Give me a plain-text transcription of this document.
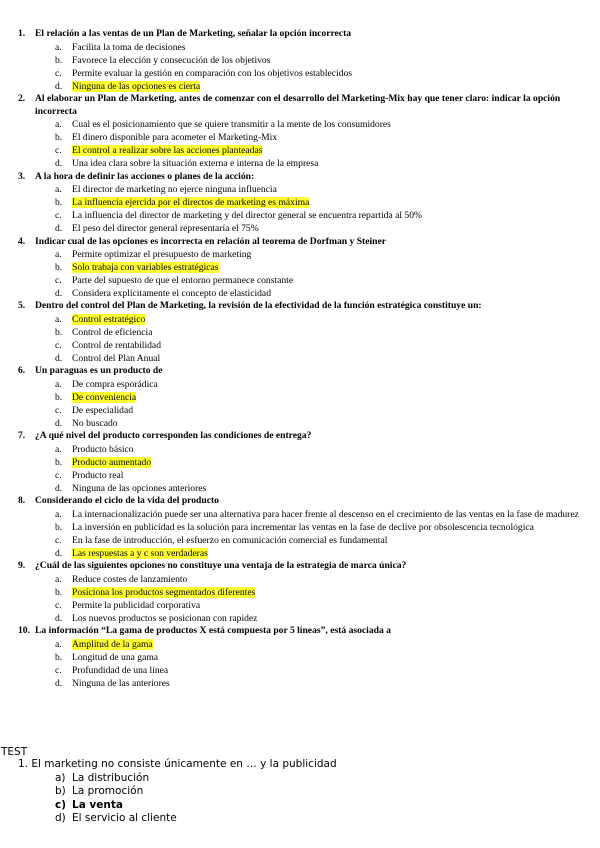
1. El relación a las ventas de un Plan de Marketing, señalar la opción incorrecta

a. Facilita la toma de decisiones

b. Favorece la elección y consecución de los objetivos

c. Permite evaluar la gestión en comparación con los objetivos establecidos

d. Ninguna de las opciones es cierta

2. Al elaborar un Plan de Marketing, antes de comenzar con el desarrollo del Marketing-Mix hay que tener claro: indicar la opción incorrecta

a. Cual es el posicionamiento que se quiere transmitir a la mente de los consumidores

b. El dinero disponible para acometer el Marketing-Mix

c. El control a realizar sobre las acciones planteadas

d. Una idea clara sobre la situación externa e interna de la empresa

3. A la hora de definir las acciones o planes de la acción:

a. El director de marketing no ejerce ninguna influencia

b. La influencia ejercida por el directos de marketing es máxima

c. La influencia del director de marketing y del director general se encuentra repartida al 50%

d. El peso del director general representaría el 75%

4. Indicar cual de las opciones es incorrecta en relación al teorema de Dorfman y Steiner

a. Permite optimizar el presupuesto de marketing

b. Solo trabaja con variables estratégicas

c. Parte del supuesto de que el entorno permanece constante

d. Considera explícitamente el concepto de elasticidad

5. Dentro del control del Plan de Marketing, la revisión de la efectividad de la función estratégica constituye un:

a. Control estratégico

b. Control de eficiencia

c. Control de rentabilidad

d. Control del Plan Anual

6. Un paraguas es un producto de

a. De compra esporádica

b. De conveniencia

c. De especialidad

d. No buscado

7. ¿A qué nivel del producto corresponden las condiciones de entrega?

a. Producto básico

b. Producto aumentado

c. Producto real

d. Ninguna de las opciones anteriores

8. Considerando el ciclo de la vida del producto

a. La internacionalización puede ser una alternativa para hacer frente al descenso en el crecimiento de las ventas en la fase de madurez

b. La inversión en publicidad es la solución para incrementar las ventas en la fase de declive por obsolescencia tecnológica

c. En la fase de introducción, el esfuerzo en comunicación comercial es fundamental

d. Las respuestas a y c son verdaderas

9. ¿Cuál de las siguientes opciones no constituye una ventaja de la estrategia de marca única?

a. Reduce costes de lanzamiento

b. Posiciona los productos segmentados diferentes

c. Permite la publicidad corporativa

d. Los nuevos productos se posicionan con rapidez

10. La información “La gama de productos X está compuesta por 5 líneas”, está asociada a

a. Amplitud de la gama

b. Longitud de una gama

c. Profundidad de una línea

d. Ninguna de las anteriores

TEST

1. El marketing no consiste únicamente en … y la publicidad

a) La distribución

b) La promoción

c) La venta

d) El servicio al cliente
